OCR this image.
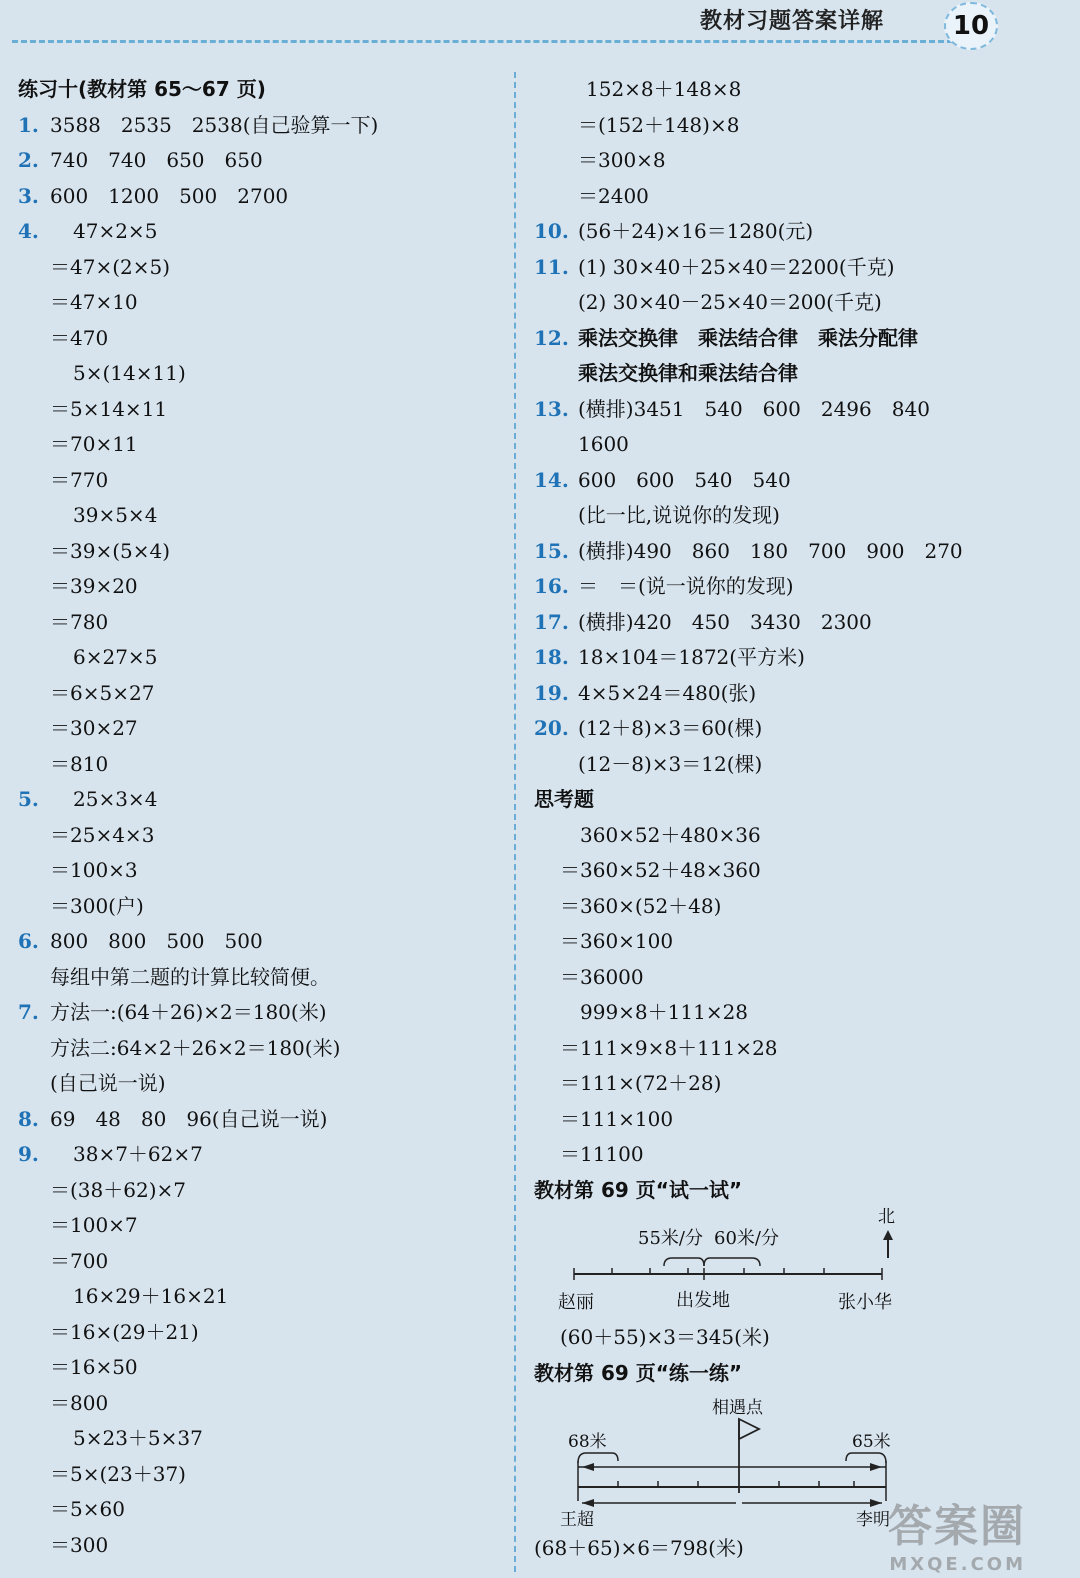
教材习题答案详解	10
练习十(教材第 65～67 页)
1. 3588　2535　2538(自己验算一下)
2. 740　740　650　650
3. 600　1200　500　2700
4. 47×2×5
＝47×(2×5)
＝47×10
＝470
5×(14×11)
＝5×14×11
＝70×11
＝770
39×5×4
＝39×(5×4)
＝39×20
＝780
6×27×5
＝6×5×27
＝30×27
＝810
5. 25×3×4
＝25×4×3
＝100×3
＝300(户)
6. 800　800　500　500
每组中第二题的计算比较简便。
7. 方法一:(64＋26)×2＝180(米)
方法二:64×2＋26×2＝180(米)
(自己说一说)
8. 69　48　80　96(自己说一说)
9. 38×7＋62×7
＝(38＋62)×7
＝100×7
＝700
16×29＋16×21
＝16×(29＋21)
＝16×50
＝800
5×23＋5×37
＝5×(23＋37)
＝5×60
＝300
152×8＋148×8
＝(152＋148)×8
＝300×8
＝2400
10. (56＋24)×16＝1280(元)
11. (1) 30×40＋25×40＝2200(千克)
(2) 30×40－25×40＝200(千克)
12. 乘法交换律　乘法结合律　乘法分配律
乘法交换律和乘法结合律
13. (横排)3451　540　600　2496　840
1600
14. 600　600　540　540
(比一比,说说你的发现)
15. (横排)490　860　180　700　900　270
16. ＝　＝(说一说你的发现)
17. (横排)420　450　3430　2300
18. 18×104＝1872(平方米)
19. 4×5×24＝480(张)
20. (12＋8)×3＝60(棵)
(12－8)×3＝12(棵)
思考题
360×52＋480×36
＝360×52＋48×360
＝360×(52＋48)
＝360×100
＝36000
999×8＋111×28
＝111×9×8＋111×28
＝111×(72＋28)
＝111×100
＝11100
教材第 69 页“试一试”
55米/分 60米/分
北
赵丽	出发地	张小华
(60＋55)×3＝345(米)
教材第 69 页“练一练”
相遇点
68米	65米
王超	李明
(68＋65)×6＝798(米)	答案圈
MXQE.COM
